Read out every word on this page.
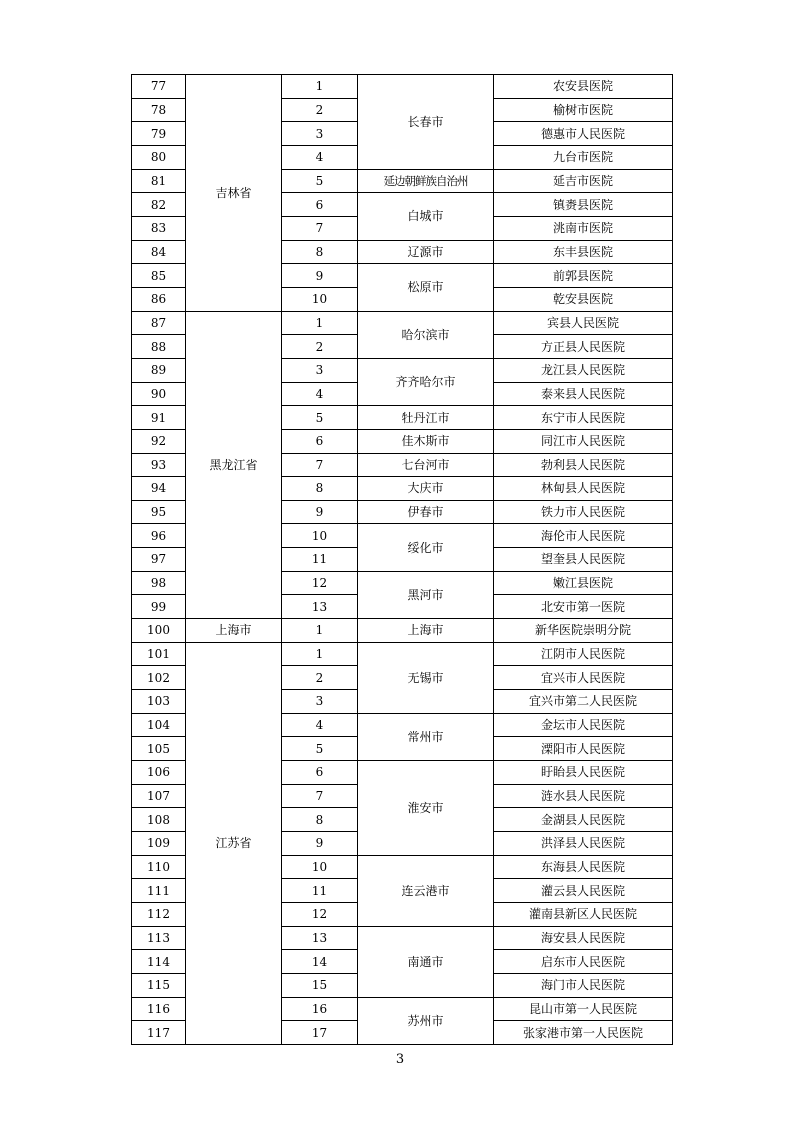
77	吉林省	1	长春市	农安县医院
78		2		榆树市医院
79		3		德惠市人民医院
80		4		九台市医院
81		5	延边朝鲜族自治州	延吉市医院
82		6	白城市	镇赉县医院
83		7		洮南市医院
84		8	辽源市	东丰县医院
85		9	松原市	前郭县医院
86		10		乾安县医院
87	黑龙江省	1	哈尔滨市	宾县人民医院
88		2		方正县人民医院
89		3	齐齐哈尔市	龙江县人民医院
90		4		泰来县人民医院
91		5	牡丹江市	东宁市人民医院
92		6	佳木斯市	同江市人民医院
93		7	七台河市	勃利县人民医院
94		8	大庆市	林甸县人民医院
95		9	伊春市	铁力市人民医院
96		10	绥化市	海伦市人民医院
97		11		望奎县人民医院
98		12	黑河市	嫩江县医院
99		13		北安市第一医院
100	上海市	1	上海市	新华医院崇明分院
101	江苏省	1	无锡市	江阴市人民医院
102		2		宜兴市人民医院
103		3		宜兴市第二人民医院
104		4	常州市	金坛市人民医院
105		5		溧阳市人民医院
106		6	淮安市	盱眙县人民医院
107		7		涟水县人民医院
108		8		金湖县人民医院
109		9		洪泽县人民医院
110		10	连云港市	东海县人民医院
111		11		灌云县人民医院
112		12		灌南县新区人民医院
113		13	南通市	海安县人民医院
114		14		启东市人民医院
115		15		海门市人民医院
116		16	苏州市	昆山市第一人民医院
117		17		张家港市第一人民医院
3
